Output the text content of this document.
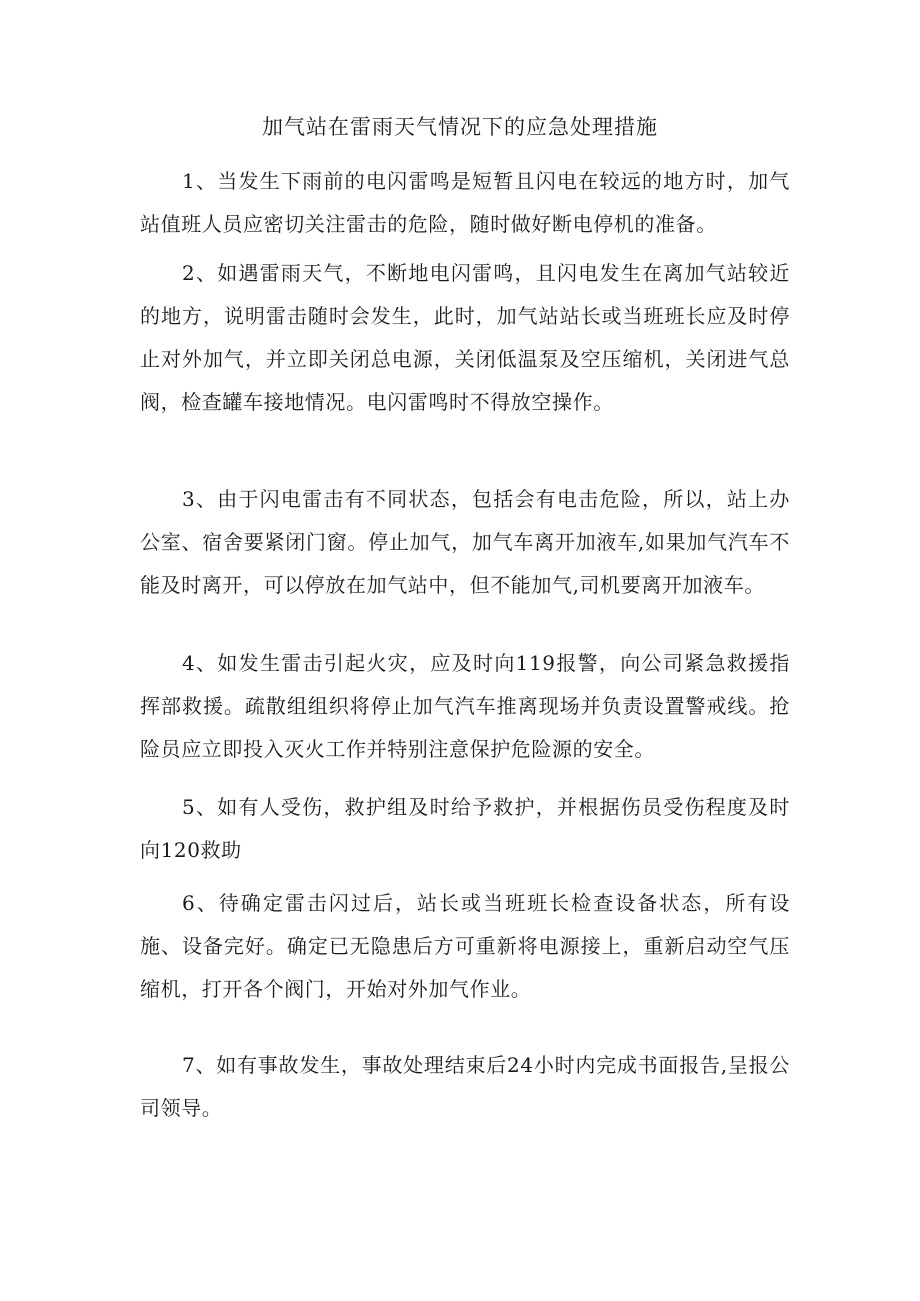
加气站在雷雨天气情况下的应急处理措施

1、当发生下雨前的电闪雷鸣是短暂且闪电在较远的地方时，加气站值班人员应密切关注雷击的危险，随时做好断电停机的准备。

2、如遇雷雨天气，不断地电闪雷鸣，且闪电发生在离加气站较近的地方，说明雷击随时会发生，此时，加气站站长或当班班长应及时停止对外加气，并立即关闭总电源，关闭低温泵及空压缩机，关闭进气总阀，检查罐车接地情况。电闪雷鸣时不得放空操作。

3、由于闪电雷击有不同状态，包括会有电击危险，所以，站上办公室、宿舍要紧闭门窗。停止加气，加气车离开加液车,如果加气汽车不能及时离开，可以停放在加气站中，但不能加气,司机要离开加液车。

4、如发生雷击引起火灾，应及时向119报警，向公司紧急救援指挥部救援。疏散组组织将停止加气汽车推离现场并负责设置警戒线。抢险员应立即投入灭火工作并特别注意保护危险源的安全。

5、如有人受伤，救护组及时给予救护，并根据伤员受伤程度及时向120救助

6、待确定雷击闪过后，站长或当班班长检查设备状态，所有设施、设备完好。确定已无隐患后方可重新将电源接上，重新启动空气压缩机，打开各个阀门，开始对外加气作业。

7、如有事故发生，事故处理结束后24小时内完成书面报告,呈报公司领导。
